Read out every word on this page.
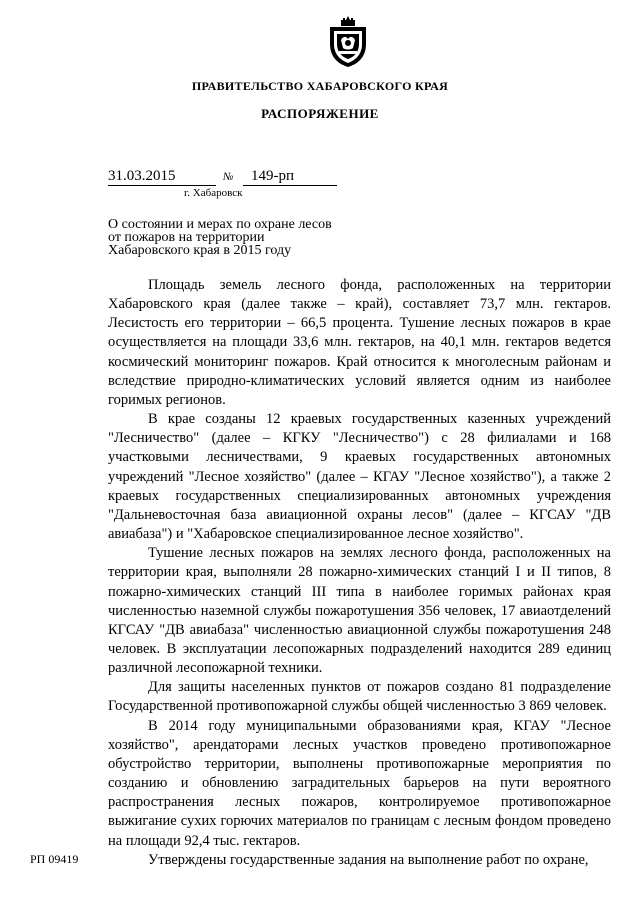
ПРАВИТЕЛЬСТВО ХАБАРОВСКОГО КРАЯ
РАСПОРЯЖЕНИЕ
31.03.2015	№ 149-рп
г. Хабаровск
О состоянии и мерах по охране лесов от пожаров на территории Хабаровского края в 2015 году

Площадь земель лесного фонда, расположенных на территории Хабаровского края (далее также – край), составляет 73,7 млн. гектаров. Лесистость его территории – 66,5 процента. Тушение лесных пожаров в крае осуществляется на площади 33,6 млн. гектаров, на 40,1 млн. гектаров ведется космический мониторинг пожаров. Край относится к многолесным районам и вследствие природно-климатических условий является одним из наиболее горимых регионов.

В крае созданы 12 краевых государственных казенных учреждений "Лесничество" (далее – КГКУ "Лесничество") с 28 филиалами и 168 участковыми лесничествами, 9 краевых государственных автономных учреждений "Лесное хозяйство" (далее – КГАУ "Лесное хозяйство"), а также 2 краевых государственных специализированных автономных учреждения "Дальневосточная база авиационной охраны лесов" (далее – КГСАУ "ДВ авиабаза") и "Хабаровское специализированное лесное хозяйство".

Тушение лесных пожаров на землях лесного фонда, расположенных на территории края, выполняли 28 пожарно-химических станций I и II типов, 8 пожарно-химических станций III типа в наиболее горимых районах края численностью наземной службы пожаротушения 356 человек, 17 авиаотделений КГСАУ "ДВ авиабаза" численностью авиационной службы пожаротушения 248 человек. В эксплуатации лесопожарных подразделений находится 289 единиц различной лесопожарной техники.

Для защиты населенных пунктов от пожаров создано 81 подразделение Государственной противопожарной службы общей численностью 3 869 человек.

В 2014 году муниципальными образованиями края, КГАУ "Лесное хозяйство", арендаторами лесных участков проведено противопожарное обустройство территории, выполнены противопожарные мероприятия по созданию и обновлению заградительных барьеров на пути вероятного распространения лесных пожаров, контролируемое противопожарное выжигание сухих горючих материалов по границам с лесным фондом проведено на площади 92,4 тыс. гектаров.

Утверждены государственные задания на выполнение работ по охране,

РП 09419
